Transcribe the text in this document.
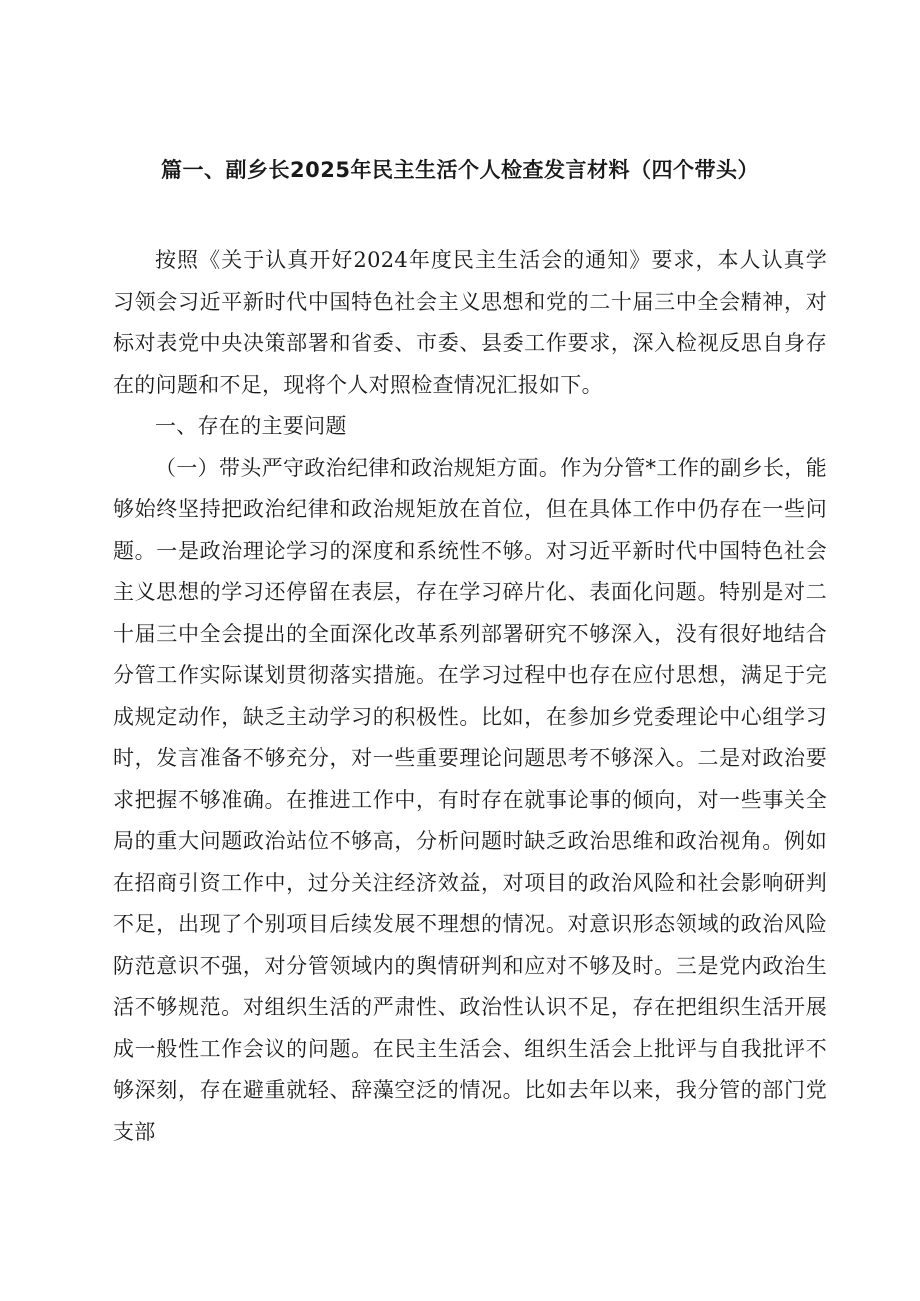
篇一、副乡长2025年民主生活个人检查发言材料（四个带头）

按照《关于认真开好2024年度民主生活会的通知》要求，本人认真学习领会习近平新时代中国特色社会主义思想和党的二十届三中全会精神，对标对表党中央决策部署和省委、市委、县委工作要求，深入检视反思自身存在的问题和不足，现将个人对照检查情况汇报如下。

一、存在的主要问题

（一）带头严守政治纪律和政治规矩方面。作为分管*工作的副乡长，能够始终坚持把政治纪律和政治规矩放在首位，但在具体工作中仍存在一些问题。一是政治理论学习的深度和系统性不够。对习近平新时代中国特色社会主义思想的学习还停留在表层，存在学习碎片化、表面化问题。特别是对二十届三中全会提出的全面深化改革系列部署研究不够深入，没有很好地结合分管工作实际谋划贯彻落实措施。在学习过程中也存在应付思想，满足于完成规定动作，缺乏主动学习的积极性。比如，在参加乡党委理论中心组学习时，发言准备不够充分，对一些重要理论问题思考不够深入。二是对政治要求把握不够准确。在推进工作中，有时存在就事论事的倾向，对一些事关全局的重大问题政治站位不够高，分析问题时缺乏政治思维和政治视角。例如在招商引资工作中，过分关注经济效益，对项目的政治风险和社会影响研判不足，出现了个别项目后续发展不理想的情况。对意识形态领域的政治风险防范意识不强，对分管领域内的舆情研判和应对不够及时。三是党内政治生活不够规范。对组织生活的严肃性、政治性认识不足，存在把组织生活开展成一般性工作会议的问题。在民主生活会、组织生活会上批评与自我批评不够深刻，存在避重就轻、辞藻空泛的情况。比如去年以来，我分管的部门党支部
